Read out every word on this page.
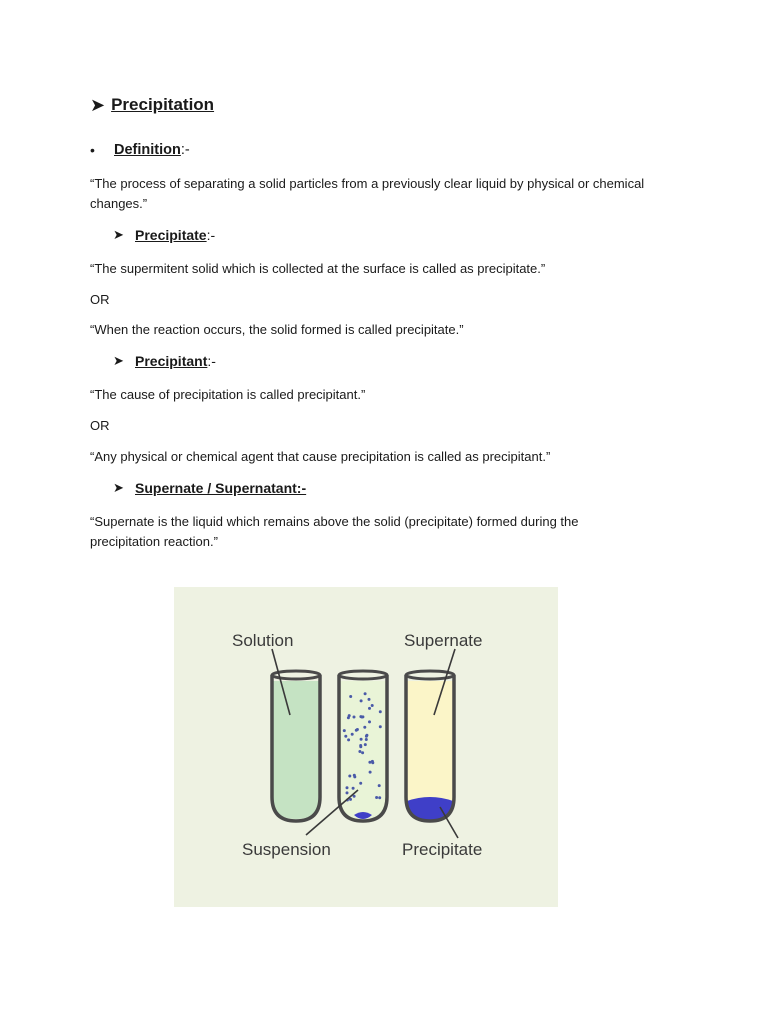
➤ Precipitation
•	Definition :-

“The process of separating a solid particles from a previously clear liquid by physical or chemical changes.”

➤ Precipitate :-

“The supermitent solid which is collected at the surface is called as precipitate.”

OR

“When the reaction occurs, the solid formed is called precipitate.”

➤ Precipitant :-

“The cause of precipitation is called precipitant.”

OR

“Any physical or chemical agent that cause precipitation is called as precipitant.”

➤ Supernate / Supernatant:-

“Supernate is the liquid which remains above the solid (precipitate) formed during the precipitation reaction.”

Solution	Supernate
Suspension	Precipitate
